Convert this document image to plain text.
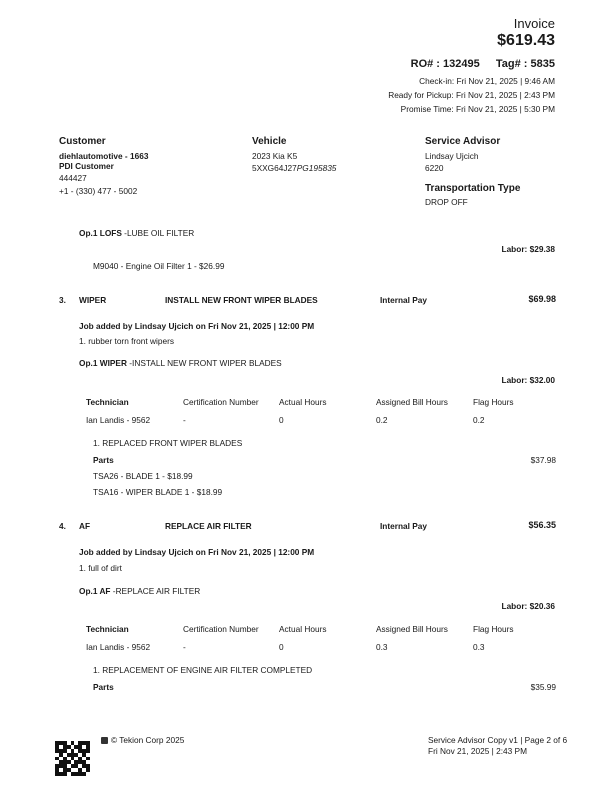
Invoice
$619.43
RO# : 132495 Tag# : 5835
Check-in: Fri Nov 21, 2025 | 9:46 AM
Ready for Pickup: Fri Nov 21, 2025 | 2:43 PM
Promise Time: Fri Nov 21, 2025 | 5:30 PM
Customer
diehlautomotive - 1663
PDI Customer
444427
+1 - (330) 477 - 5002
Vehicle
2023 Kia K5
5XXG64J27PG195835
Service Advisor
Lindsay Ujcich
6220
Transportation Type
DROP OFF
Op.1 LOFS -LUBE OIL FILTER
Labor: $29.38
M9040 - Engine Oil Filter 1 - $26.99
3. WIPER	INSTALL NEW FRONT WIPER BLADES	Internal Pay	$69.98
Job added by Lindsay Ujcich on Fri Nov 21, 2025 | 12:00 PM
1. rubber torn front wipers
Op.1 WIPER -INSTALL NEW FRONT WIPER BLADES
Labor: $32.00
Technician	Certification Number Actual Hours	Assigned Bill Hours	Flag Hours
Ian Landis - 9562	-	0	0.2	0.2
1. REPLACED FRONT WIPER BLADES
Parts	$37.98
TSA26 - BLADE 1 - $18.99
TSA16 - WIPER BLADE 1 - $18.99
4. AF	REPLACE AIR FILTER	Internal Pay	$56.35
Job added by Lindsay Ujcich on Fri Nov 21, 2025 | 12:00 PM
1. full of dirt
Op.1 AF -REPLACE AIR FILTER
Labor: $20.36
Technician	Certification Number Actual Hours	Assigned Bill Hours	Flag Hours
Ian Landis - 9562	-	0	0.3	0.3
1. REPLACEMENT OF ENGINE AIR FILTER COMPLETED
Parts	$35.99
© Tekion Corp 2025	Service Advisor Copy v1 | Page 2 of 6
Fri Nov 21, 2025 | 2:43 PM
